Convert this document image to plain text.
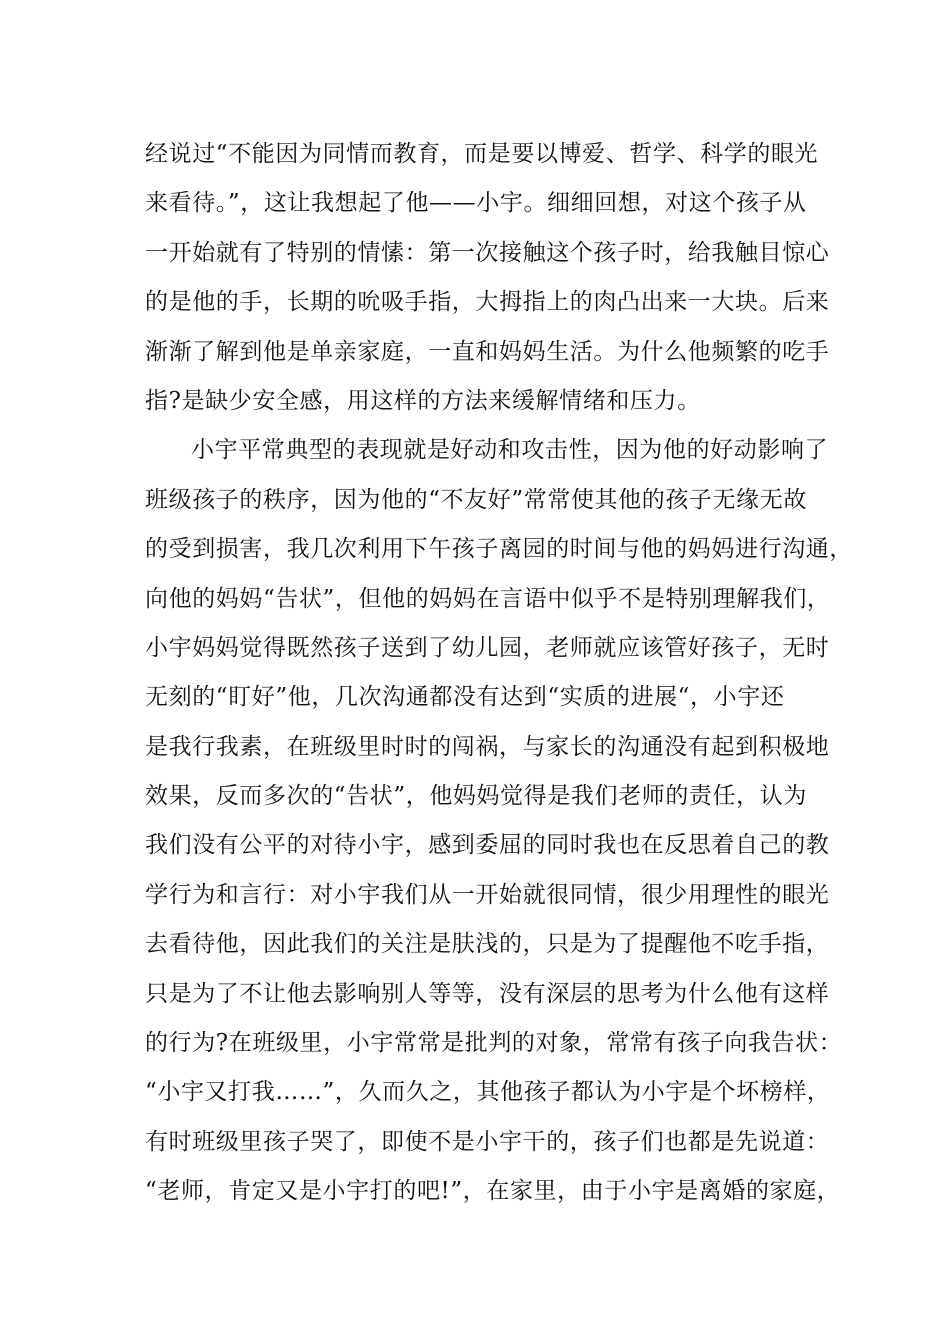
经说过“不能因为同情而教育，而是要以博爱、哲学、科学的眼光
来看待。”，这让我想起了他——小宇。细细回想，对这个孩子从
一开始就有了特别的情愫：第一次接触这个孩子时，给我触目惊心
的是他的手，长期的吮吸手指，大拇指上的肉凸出来一大块。后来
渐渐了解到他是单亲家庭，一直和妈妈生活。为什么他频繁的吃手
指?是缺少安全感，用这样的方法来缓解情绪和压力。
小宇平常典型的表现就是好动和攻击性，因为他的好动影响了
班级孩子的秩序，因为他的“不友好”常常使其他的孩子无缘无故
的受到损害，我几次利用下午孩子离园的时间与他的妈妈进行沟通，
向他的妈妈“告状”，但他的妈妈在言语中似乎不是特别理解我们，
小宇妈妈觉得既然孩子送到了幼儿园，老师就应该管好孩子，无时
无刻的“盯好”他，几次沟通都没有达到“实质的进展“，小宇还
是我行我素，在班级里时时的闯祸，与家长的沟通没有起到积极地
效果，反而多次的“告状”，他妈妈觉得是我们老师的责任，认为
我们没有公平的对待小宇，感到委屈的同时我也在反思着自己的教
学行为和言行：对小宇我们从一开始就很同情，很少用理性的眼光
去看待他，因此我们的关注是肤浅的，只是为了提醒他不吃手指，
只是为了不让他去影响别人等等，没有深层的思考为什么他有这样
的行为?在班级里，小宇常常是批判的对象，常常有孩子向我告状：
“小宇又打我……”，久而久之，其他孩子都认为小宇是个坏榜样，
有时班级里孩子哭了，即使不是小宇干的，孩子们也都是先说道：
“老师，肯定又是小宇打的吧!”，在家里，由于小宇是离婚的家庭，
